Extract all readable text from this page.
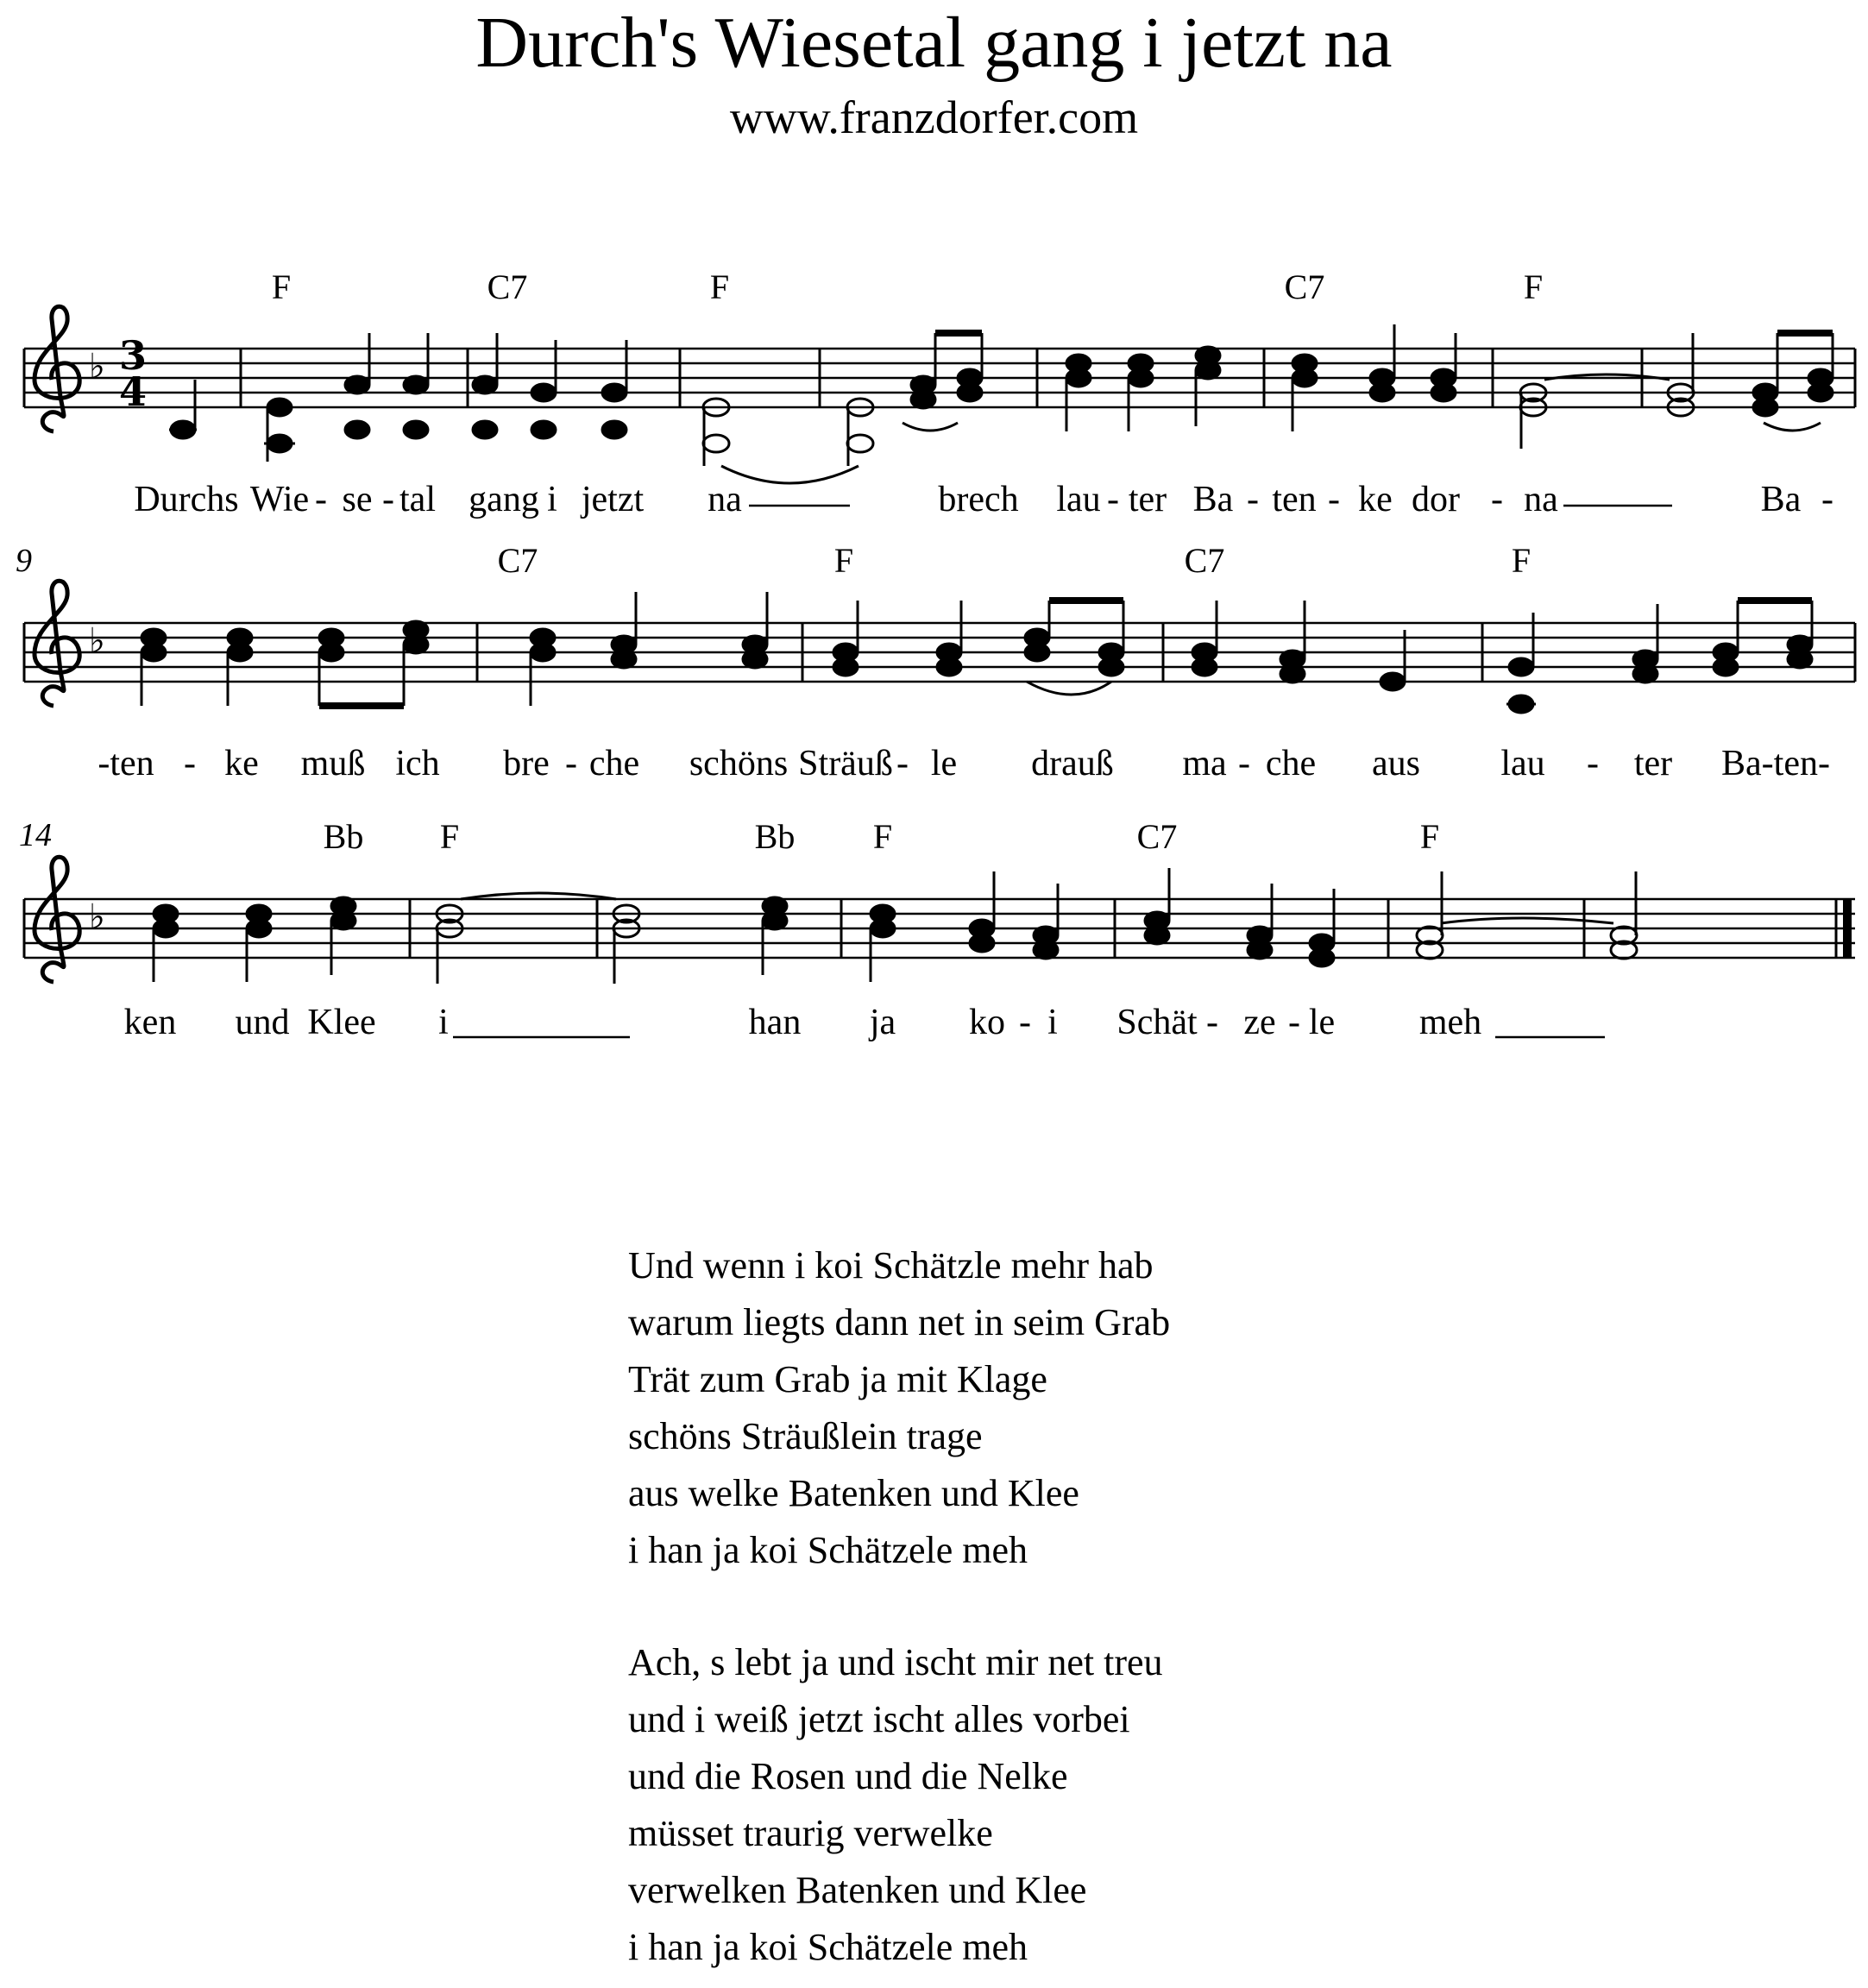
Durch's Wiesetal gang i jetzt na
www.franzdorfer.com
9
14
F	C7	F	C7	F
C7	F	C7	F
Bb F	Bb F	C7	F
♭
♭
♭
3
4
Durchs Wie - se - tal gang i jetzt na	brech lau - ter Ba - ten - ke dor - na	Ba -
-ten - ke muß ich bre - che schöns Sträuß - le drauß ma - che aus lau - ter Ba-ten-
ken und Klee i	han ja ko - i Schät - ze - le meh
Und wenn i koi Schätzle mehr hab
warum liegts dann net in seim Grab
Trät zum Grab ja mit Klage
schöns Sträußlein trage
aus welke Batenken und Klee
i han ja koi Schätzele meh
Ach, s lebt ja und ischt mir net treu
und i weiß jetzt ischt alles vorbei
und die Rosen und die Nelke
müsset traurig verwelke
verwelken Batenken und Klee
i han ja koi Schätzele meh
